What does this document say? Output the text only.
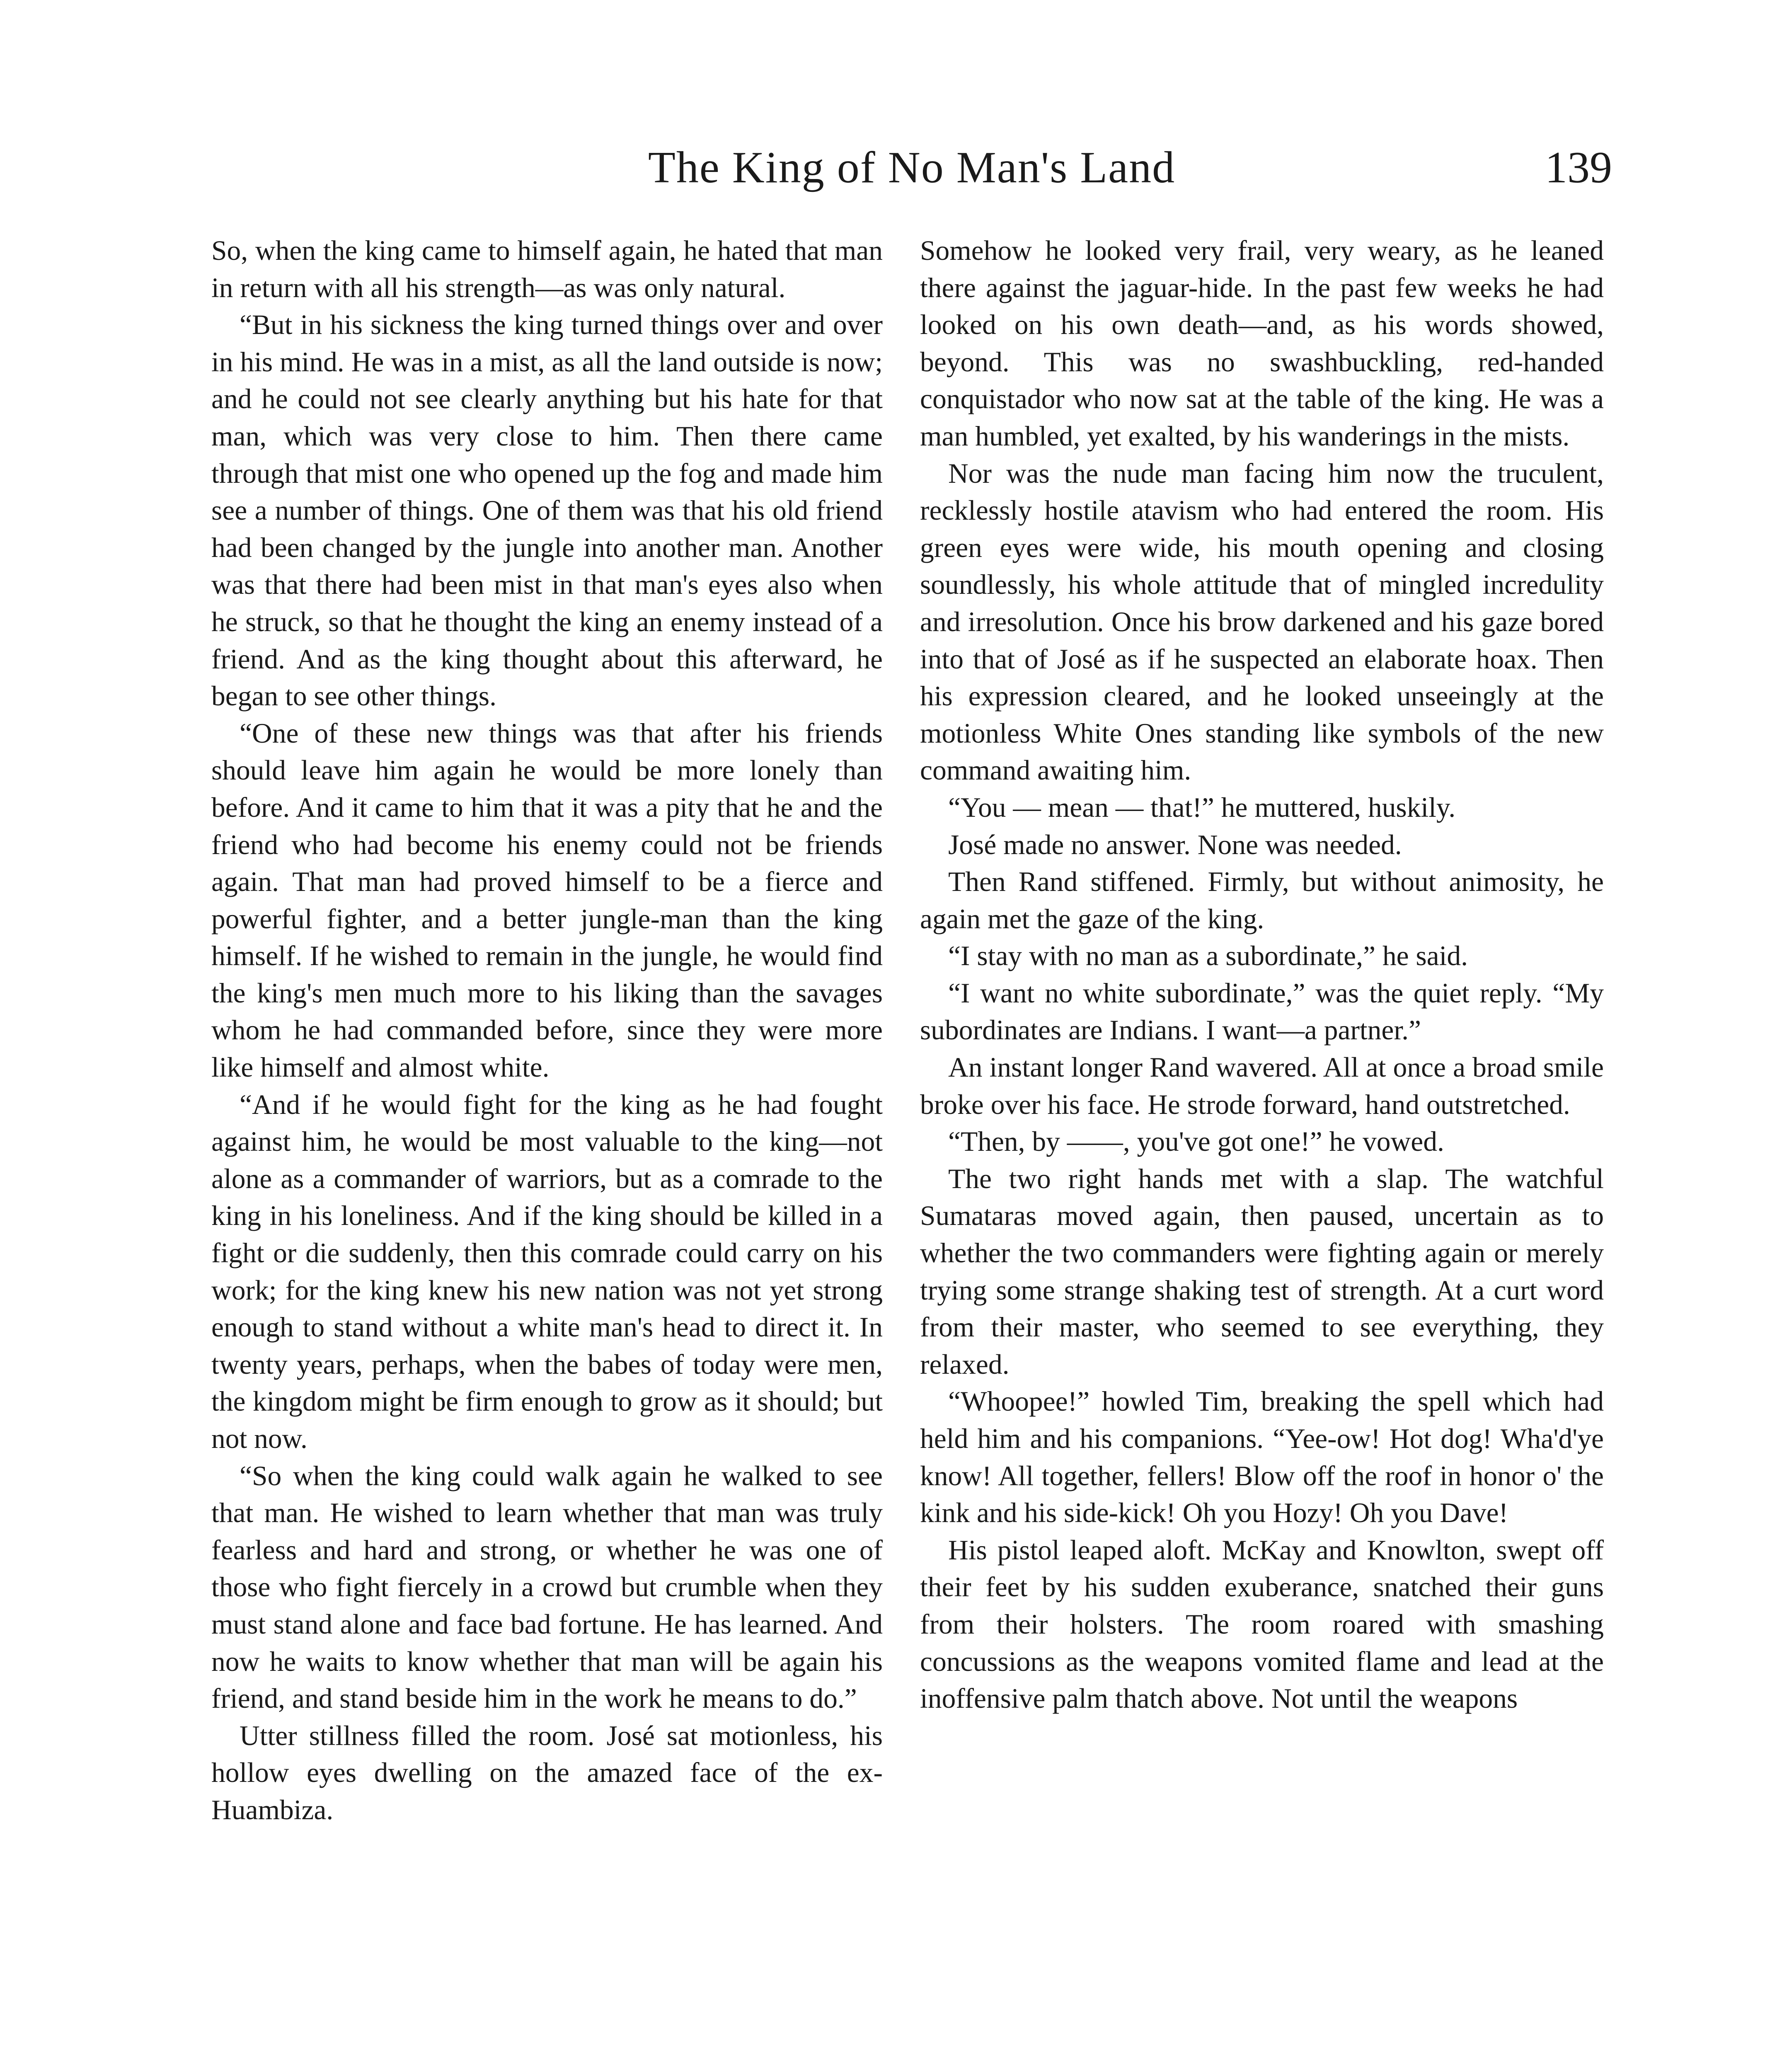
The King of No Man's Land	139

So, when the king came to himself again, he hated that man in return with all his strength—as was only natural.

“But in his sickness the king turned things over and over in his mind. He was in a mist, as all the land outside is now; and he could not see clearly anything but his hate for that man, which was very close to him. Then there came through that mist one who opened up the fog and made him see a number of things. One of them was that his old friend had been changed by the jungle into another man. Another was that there had been mist in that man's eyes also when he struck, so that he thought the king an enemy instead of a friend. And as the king thought about this afterward, he began to see other things.

“One of these new things was that after his friends should leave him again he would be more lonely than before. And it came to him that it was a pity that he and the friend who had become his enemy could not be friends again. That man had proved himself to be a fierce and powerful fighter, and a better jungle-man than the king himself. If he wished to remain in the jungle, he would find the king's men much more to his liking than the savages whom he had commanded before, since they were more like himself and almost white.

“And if he would fight for the king as he had fought against him, he would be most valuable to the king—not alone as a commander of warriors, but as a comrade to the king in his loneliness. And if the king should be killed in a fight or die suddenly, then this comrade could carry on his work; for the king knew his new nation was not yet strong enough to stand without a white man's head to direct it. In twenty years, perhaps, when the babes of today were men, the kingdom might be firm enough to grow as it should; but not now.

“So when the king could walk again he walked to see that man. He wished to learn whether that man was truly fearless and hard and strong, or whether he was one of those who fight fiercely in a crowd but crumble when they must stand alone and face bad fortune. He has learned. And now he waits to know whether that man will be again his friend, and stand beside him in the work he means to do.”

Utter stillness filled the room. José sat motionless, his hollow eyes dwelling on the amazed face of the ex-Huambiza.

Somehow he looked very frail, very weary, as he leaned there against the jaguar-hide. In the past few weeks he had looked on his own death—and, as his words showed, beyond. This was no swashbuckling, red-handed conquistador who now sat at the table of the king. He was a man humbled, yet exalted, by his wanderings in the mists.

Nor was the nude man facing him now the truculent, recklessly hostile atavism who had entered the room. His green eyes were wide, his mouth opening and closing soundlessly, his whole attitude that of mingled incredulity and irresolution. Once his brow darkened and his gaze bored into that of José as if he suspected an elaborate hoax. Then his expression cleared, and he looked unseeingly at the motionless White Ones standing like symbols of the new command awaiting him.

“You — mean — that!” he muttered, huskily.

José made no answer. None was needed.

Then Rand stiffened. Firmly, but without animosity, he again met the gaze of the king.

“I stay with no man as a subordinate,” he said.

“I want no white subordinate,” was the quiet reply. “My subordinates are Indians. I want—a partner.”

An instant longer Rand wavered. All at once a broad smile broke over his face. He strode forward, hand outstretched.

“Then, by ——, you've got one!” he vowed.

The two right hands met with a slap. The watchful Sumataras moved again, then paused, uncertain as to whether the two commanders were fighting again or merely trying some strange shaking test of strength. At a curt word from their master, who seemed to see everything, they relaxed.

“Whoopee!” howled Tim, breaking the spell which had held him and his companions. “Yee-ow! Hot dog! Wha'd'ye know! All together, fellers! Blow off the roof in honor o' the kink and his side-kick! Oh you Hozy! Oh you Dave!

His pistol leaped aloft. McKay and Knowlton, swept off their feet by his sudden exuberance, snatched their guns from their holsters. The room roared with smashing concussions as the weapons vomited flame and lead at the inoffensive palm thatch above. Not until the weapons
